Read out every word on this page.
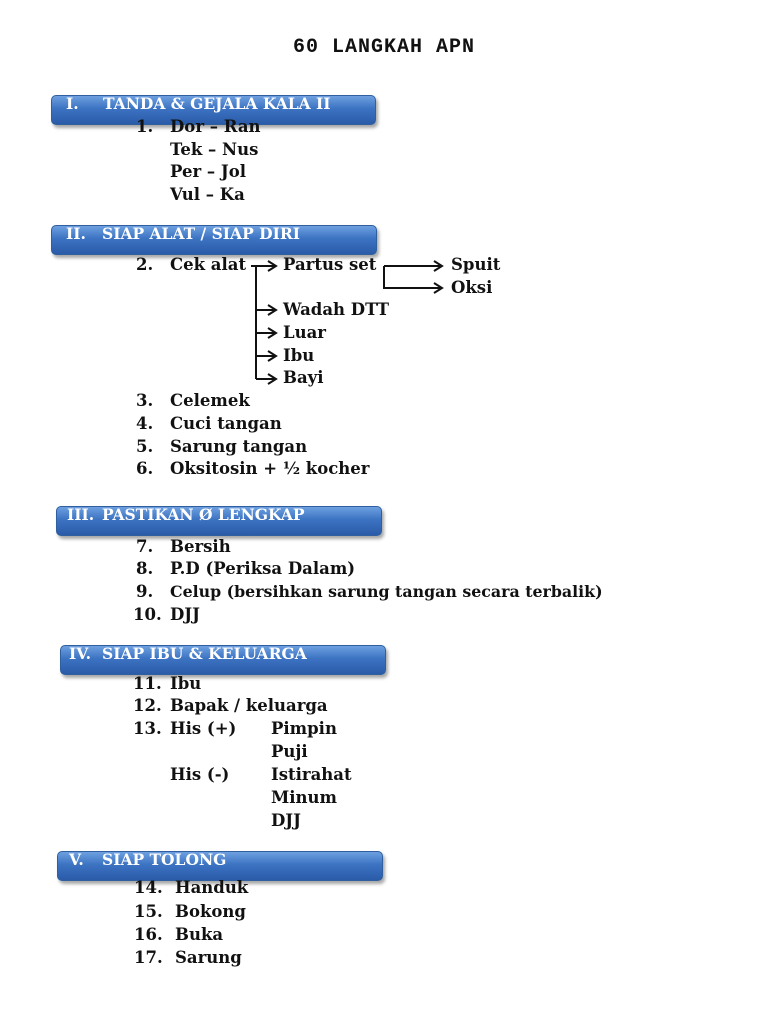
60 LANGKAH APN
I. TANDA & GEJALA KALA II
1. Dor – Ran
Tek – Nus
Per – Jol
Vul – Ka
II. SIAP ALAT / SIAP DIRI
2. Cek alat Partus set	Spuit
Oksi
Wadah DTT
Luar
Ibu
Bayi
3. Celemek
4. Cuci tangan
5. Sarung tangan
6. Oksitosin + ½ kocher
III. PASTIKAN Ø LENGKAP
7. Bersih
8. P.D (Periksa Dalam)
9. Celup (bersihkan sarung tangan secara terbalik)
10. DJJ
IV. SIAP IBU & KELUARGA
11. Ibu
12. Bapak / keluarga
13. His (+) Pimpin
Puji
His (-)	Istirahat
Minum
DJJ
V. SIAP TOLONG
14. Handuk
15. Bokong
16. Buka
17. Sarung
